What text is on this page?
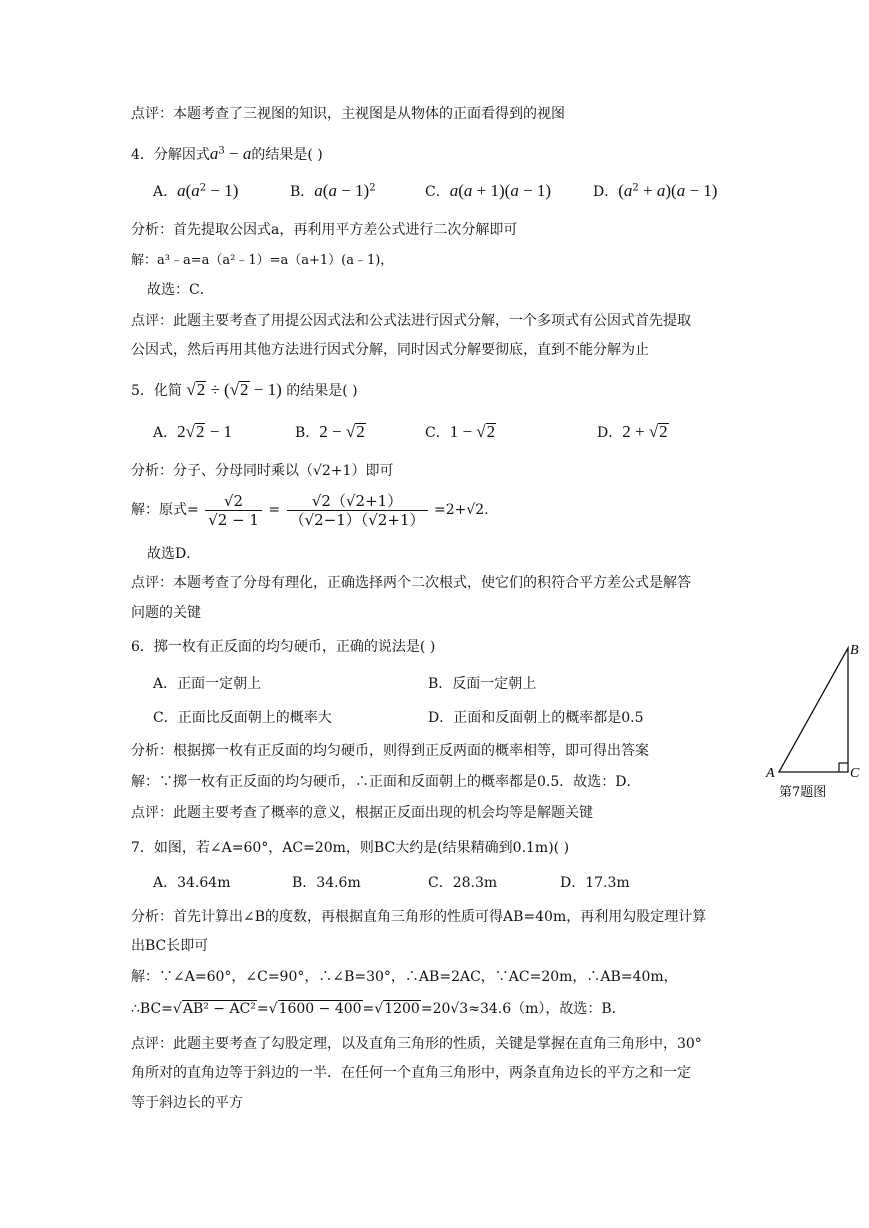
点评：本题考查了三视图的知识，主视图是从物体的正面看得到的视图
4．分解因式$a^3 - a$的结果是( )
A．$a(a^2 - 1)$	B．$a(a - 1)^2$	C．a(a + 1)(a − 1)	D．$(a^2 + a)(a - 1)$
分析：首先提取公因式a，再利用平方差公式进行二次分解即可
解：a³﹣a=a（a²﹣1）=a（a+1）(a﹣1)，
故选：C．
点评：此题主要考查了用提公因式法和公式法进行因式分解，一个多项式有公因式首先提取
公因式，然后再用其他方法进行因式分解，同时因式分解要彻底，直到不能分解为止
5．化简 √2 ÷ (√2 − 1) 的结果是( )
A．2√2 − 1	B．2 − √2	C．1 − √2	D．2 + √2
分析：分子、分母同时乘以（√2+1）即可
解：原式= $\frac{√2}{√2 - 1} = \frac{√2(√2+1)}{(√2-1)(√2+1)} =2+√2$.
故选D．
点评：本题考查了分母有理化，正确选择两个二次根式，使它们的积符合平方差公式是解答
问题的关键
6．掷一枚有正反面的均匀硬币，正确的说法是( )
A．正面一定朝上	B．反面一定朝上
C．正面比反面朝上的概率大	D．正面和反面朝上的概率都是0.5
分析：根据掷一枚有正反面的均匀硬币，则得到正反两面的概率相等，即可得出答案
解：∵掷一枚有正反面的均匀硬币，∴正面和反面朝上的概率都是0.5．故选：D．
点评：此题主要考查了概率的意义，根据正反面出现的机会均等是解题关键
B
A	C
第7题图
7．如图，若∠A=60°，AC=20m，则BC大约是(结果精确到0.1m)( )
A．34.64m	B．34.6m	C．28.3m	D．17.3m
分析：首先计算出∠B的度数，再根据直角三角形的性质可得AB=40m，再利用勾股定理计算
出BC长即可
解：∵∠A=60°，∠C=90°，∴∠B=30°，∴AB=2AC，∵AC=20m，∴AB=40m，
∴BC=√AB² − AC²=√1600 − 400=√1200=20√3≈34.6（m），故选：B．
点评：此题主要考查了勾股定理，以及直角三角形的性质，关键是掌握在直角三角形中，30°
角所对的直角边等于斜边的一半．在任何一个直角三角形中，两条直角边长的平方之和一定
等于斜边长的平方
